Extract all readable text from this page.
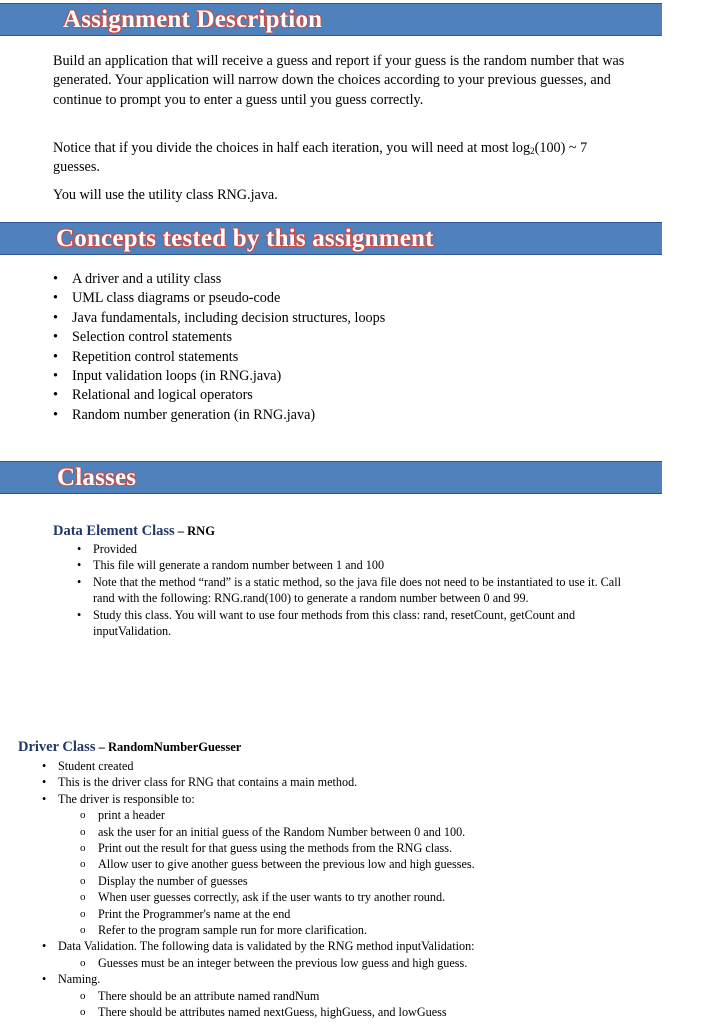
Assignment Description

Build an application that will receive a guess and report if your guess is the random number that was generated. Your application will narrow down the choices according to your previous guesses, and continue to prompt you to enter a guess until you guess correctly.

Notice that if you divide the choices in half each iteration, you will need at most $\log_2(100)$ ~ 7 guesses.

You will use the utility class RNG.java.

Concepts tested by this assignment
• A driver and a utility class
• UML class diagrams or pseudo-code
• Java fundamentals, including decision structures, loops
• Selection control statements
• Repetition control statements
• Input validation loops (in RNG.java)
• Relational and logical operators
• Random number generation (in RNG.java)
Classes
Data Element Class – RNG
• Provided
• This file will generate a random number between 1 and 100
• Note that the method “rand” is a static method, so the java file does not need to be instantiated to use it. Call rand with the following: RNG.rand(100) to generate a random number between 0 and 99.
• Study this class. You will want to use four methods from this class: rand, resetCount, getCount and inputValidation.
Driver Class – RandomNumberGuesser
• Student created
• This is the driver class for RNG that contains a main method.
• The driver is responsible to:
o print a header
o ask the user for an initial guess of the Random Number between 0 and 100.
o Print out the result for that guess using the methods from the RNG class.
o Allow user to give another guess between the previous low and high guesses.
o Display the number of guesses
o When user guesses correctly, ask if the user wants to try another round.
o Print the Programmer's name at the end
o Refer to the program sample run for more clarification.
• Data Validation. The following data is validated by the RNG method inputValidation:
o Guesses must be an integer between the previous low guess and high guess.
• Naming.
o There should be an attribute named randNum
o There should be attributes named nextGuess, highGuess, and lowGuess
